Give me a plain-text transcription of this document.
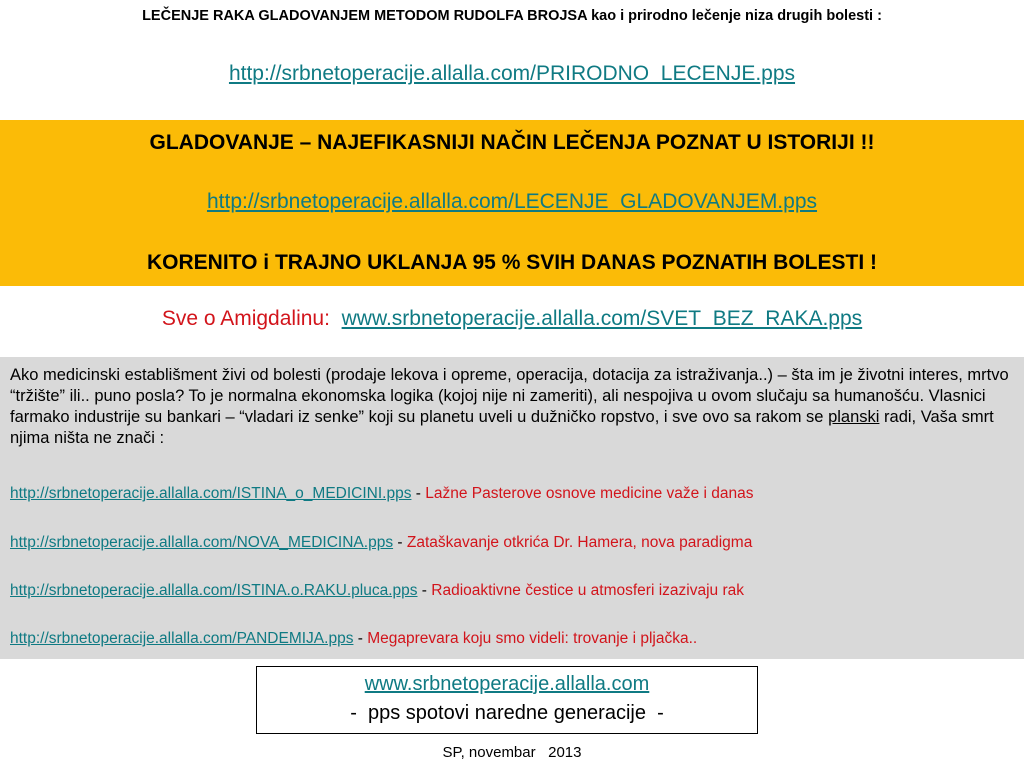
LEČENJE RAKA GLADOVANJEM METODOM RUDOLFA BROJSA kao i prirodno lečenje niza drugih bolesti :
http://srbnetoperacije.allalla.com/PRIRODNO_LECENJE.pps
GLADOVANJE – NAJEFIKASNIJI NAČIN LEČENJA POZNAT U ISTORIJI !!
http://srbnetoperacije.allalla.com/LECENJE_GLADOVANJEM.pps
KORENITO i TRAJNO UKLANJA 95 % SVIH DANAS POZNATIH BOLESTI !
Sve o Amigdalinu: www.srbnetoperacije.allalla.com/SVET_BEZ_RAKA.pps
Ako medicinski establišment živi od bolesti (prodaje lekova i opreme, operacija, dotacija za istraživanja..) – šta im je životni interes, mrtvo “tržište” ili.. puno posla? To je normalna ekonomska logika (kojoj nije ni zameriti), ali nespojiva u ovom slučaju sa humanošću. Vlasnici farmako industrije su bankari – “vladari iz senke” koji su planetu uveli u dužničko ropstvo, i sve ovo sa rakom se planski radi, Vaša smrt njima ništa ne znači :
http://srbnetoperacije.allalla.com/ISTINA_o_MEDICINI.pps - Lažne Pasterove osnove medicine važe i danas
http://srbnetoperacije.allalla.com/NOVA_MEDICINA.pps - Zataškavanje otkrića Dr. Hamera, nova paradigma
http://srbnetoperacije.allalla.com/ISTINA.o.RAKU.pluca.pps - Radioaktivne čestice u atmosferi izazivaju rak
http://srbnetoperacije.allalla.com/PANDEMIJA.pps - Megaprevara koju smo videli: trovanje i pljačka..
www.srbnetoperacije.allalla.com
-  pps spotovi naredne generacije  -
SP, novembar   2013
